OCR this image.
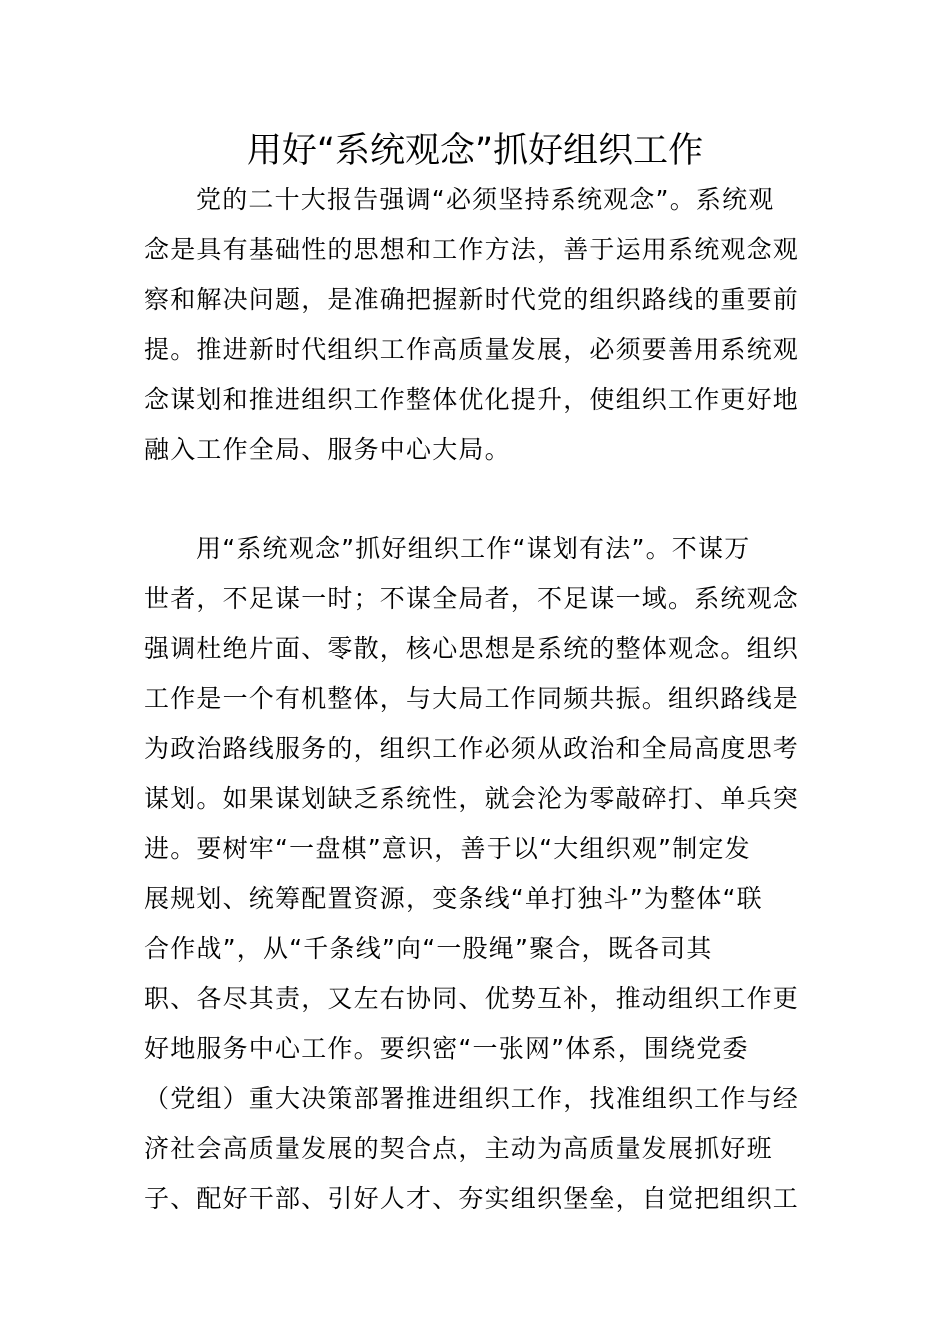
用好“系统观念”抓好组织工作
党的二十大报告强调“必须坚持系统观念”。系统观
念是具有基础性的思想和工作方法，善于运用系统观念观
察和解决问题，是准确把握新时代党的组织路线的重要前
提。推进新时代组织工作高质量发展，必须要善用系统观
念谋划和推进组织工作整体优化提升，使组织工作更好地
融入工作全局、服务中心大局。
用“系统观念”抓好组织工作“谋划有法”。不谋万
世者，不足谋一时；不谋全局者，不足谋一域。系统观念
强调杜绝片面、零散，核心思想是系统的整体观念。组织
工作是一个有机整体，与大局工作同频共振。组织路线是
为政治路线服务的，组织工作必须从政治和全局高度思考
谋划。如果谋划缺乏系统性，就会沦为零敲碎打、单兵突
进。要树牢“一盘棋”意识，善于以“大组织观”制定发
展规划、统筹配置资源，变条线“单打独斗”为整体“联
合作战”，从“千条线”向“一股绳”聚合，既各司其
职、各尽其责，又左右协同、优势互补，推动组织工作更
好地服务中心工作。要织密“一张网”体系，围绕党委
（党组）重大决策部署推进组织工作，找准组织工作与经
济社会高质量发展的契合点，主动为高质量发展抓好班
子、配好干部、引好人才、夯实组织堡垒，自觉把组织工
